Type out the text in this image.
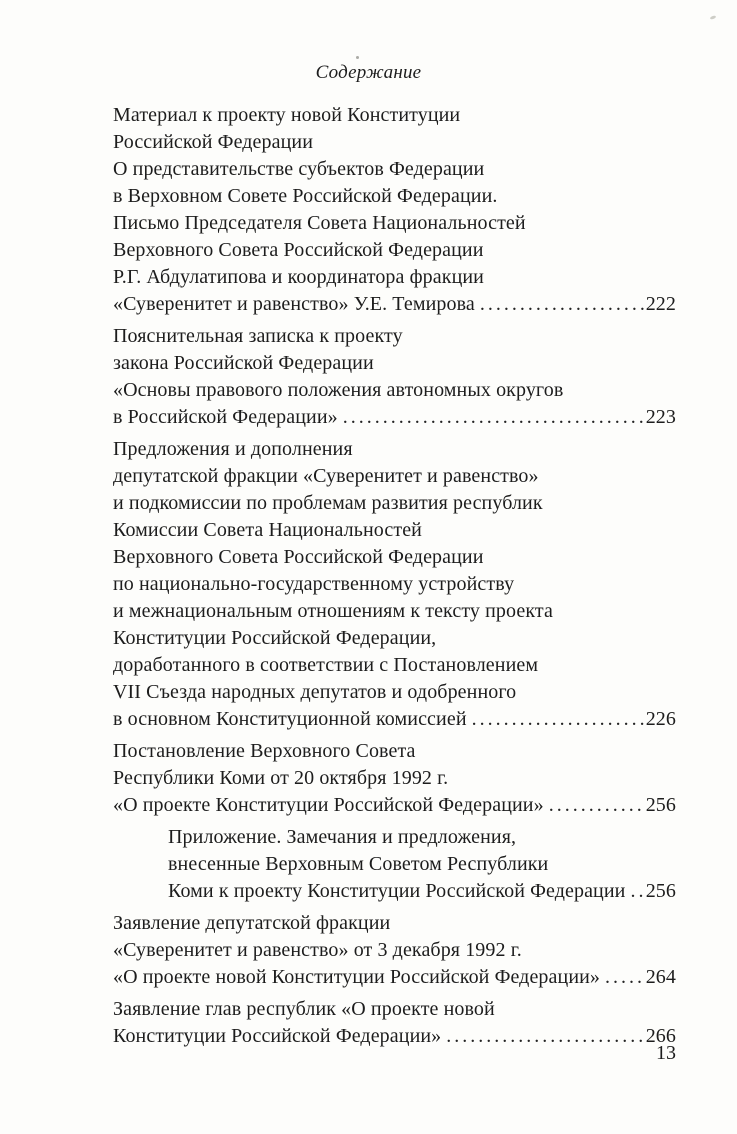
Содержание
Материал к проекту новой Конституции
Российской Федерации
О представительстве субъектов Федерации
в Верховном Совете Российской Федерации.
Письмо Председателя Совета Национальностей
Верховного Совета Российской Федерации
Р.Г. Абдулатипова и координатора фракции
«Суверенитет и равенство» У.Е. Темирова .....	222
Пояснительная записка к проекту
закона Российской Федерации
«Основы правового положения автономных округов
в Российской Федерации» .....	223
Предложения и дополнения
депутатской фракции «Суверенитет и равенство»
и подкомиссии по проблемам развития республик
Комиссии Совета Национальностей
Верховного Совета Российской Федерации
по национально-государственному устройству
и межнациональным отношениям к тексту проекта
Конституции Российской Федерации,
доработанного в соответствии с Постановлением
VII Съезда народных депутатов и одобренного
в основном Конституционной комиссией .....	226
Постановление Верховного Совета
Республики Коми от 20 октября 1992 г.
«О проекте Конституции Российской Федерации» .....	256
Приложение. Замечания и предложения,
внесенные Верховным Советом Республики
Коми к проекту Конституции Российской Федерации ..... 256
Заявление депутатской фракции
«Суверенитет и равенство» от 3 декабря 1992 г.
«О проекте новой Конституции Российской Федерации» ..... 264
Заявление глав республик «О проекте новой
Конституции Российской Федерации» .....	266
13
